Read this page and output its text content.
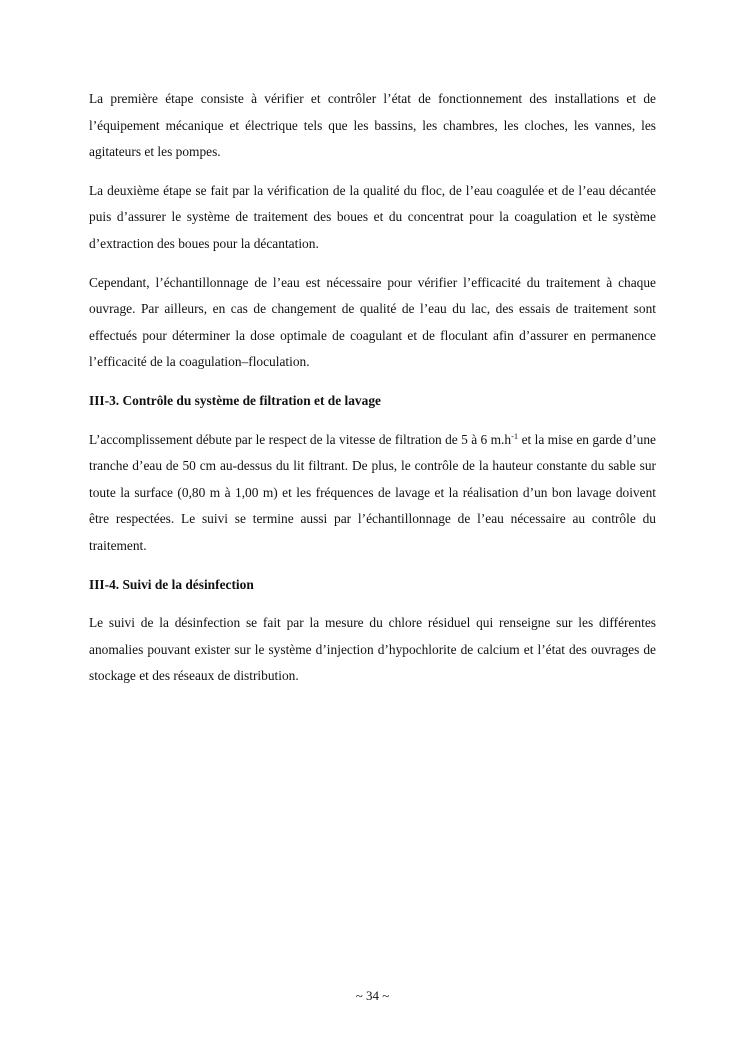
La première étape consiste à vérifier et contrôler l’état de fonctionnement des installations et de l’équipement mécanique et électrique tels que les bassins, les chambres, les cloches, les vannes, les agitateurs et les pompes.

La deuxième étape se fait par la vérification de la qualité du floc, de l’eau coagulée et de l’eau décantée puis d’assurer le système de traitement des boues et du concentrat pour la coagulation et le système d’extraction des boues pour la décantation.

Cependant, l’échantillonnage de l’eau est nécessaire pour vérifier l’efficacité du traitement à chaque ouvrage. Par ailleurs, en cas de changement de qualité de l’eau du lac, des essais de traitement sont effectués pour déterminer la dose optimale de coagulant et de floculant afin d’assurer en permanence l’efficacité de la coagulation–floculation.

III-3. Contrôle du système de filtration et de lavage

L’accomplissement débute par le respect de la vitesse de filtration de 5 à 6 $m.h^{-1}$ et la mise en garde d’une tranche d’eau de 50 cm au-dessus du lit filtrant. De plus, le contrôle de la hauteur constante du sable sur toute la surface (0,80 m à 1,00 m) et les fréquences de lavage et la réalisation d’un bon lavage doivent être respectées. Le suivi se termine aussi par l’échantillonnage de l’eau nécessaire au contrôle du traitement.

III-4. Suivi de la désinfection

Le suivi de la désinfection se fait par la mesure du chlore résiduel qui renseigne sur les différentes anomalies pouvant exister sur le système d’injection d’hypochlorite de calcium et l’état des ouvrages de stockage et des réseaux de distribution.

~ 34 ~
